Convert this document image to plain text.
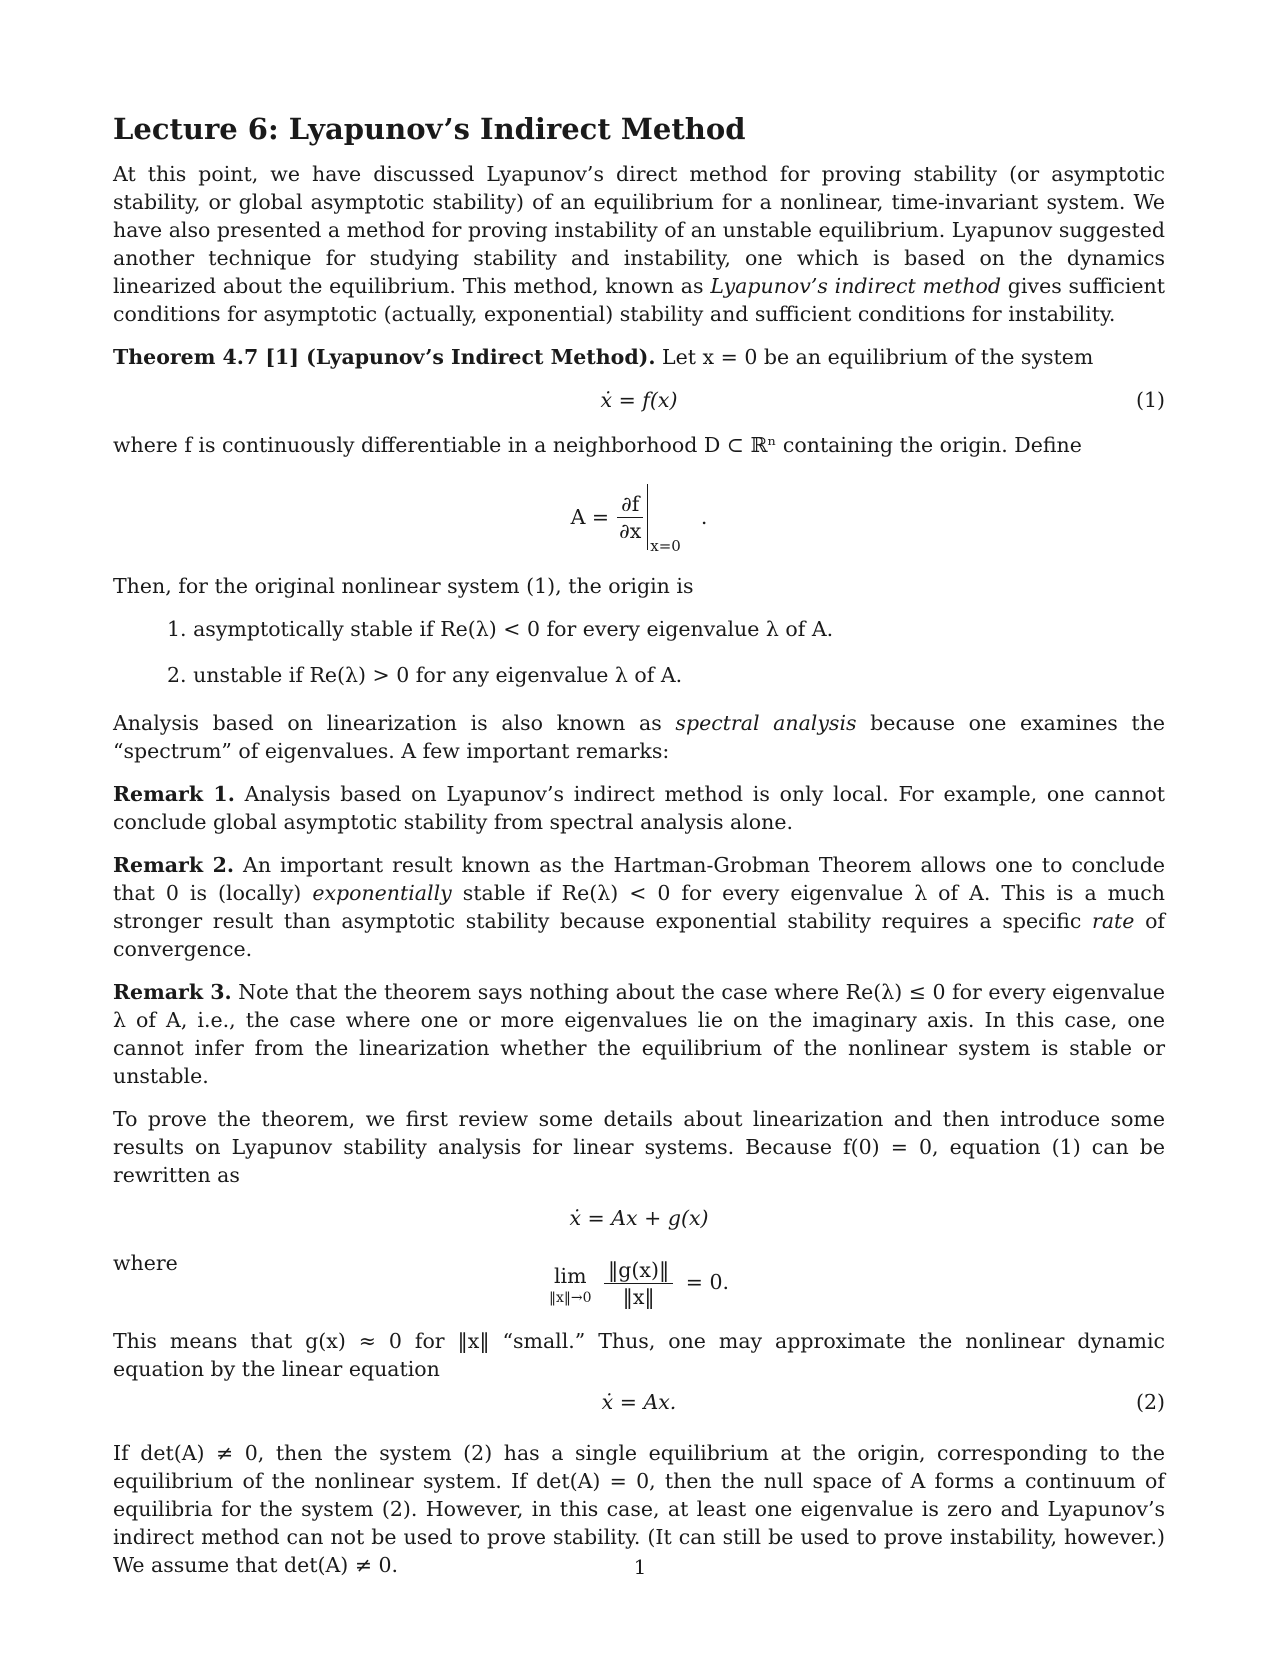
Lecture 6: Lyapunov’s Indirect Method

At this point, we have discussed Lyapunov’s direct method for proving stability (or asymptotic stability, or global asymptotic stability) of an equilibrium for a nonlinear, time-invariant system. We have also presented a method for proving instability of an unstable equilibrium. Lyapunov suggested another technique for studying stability and instability, one which is based on the dynamics linearized about the equilibrium. This method, known as Lyapunov’s indirect method gives sufficient conditions for asymptotic (actually, exponential) stability and sufficient conditions for instability.

Theorem 4.7 [1] (Lyapunov’s Indirect Method). Let x = 0 be an equilibrium of the system

ẋ = f(x)	(1)

where f is continuously differentiable in a neighborhood D ⊂ ℝⁿ containing the origin. Define

$A = \frac{\partial f}{\partial x}$
x=0
.

Then, for the original nonlinear system (1), the origin is

1. asymptotically stable if Re(λ) < 0 for every eigenvalue λ of A.
2. unstable if Re(λ) > 0 for any eigenvalue λ of A.

Analysis based on linearization is also known as spectral analysis because one examines the “spectrum” of eigenvalues. A few important remarks:

Remark 1. Analysis based on Lyapunov’s indirect method is only local. For example, one cannot conclude global asymptotic stability from spectral analysis alone.

Remark 2. An important result known as the Hartman-Grobman Theorem allows one to conclude that 0 is (locally) exponentially stable if Re(λ) < 0 for every eigenvalue λ of A. This is a much stronger result than asymptotic stability because exponential stability requires a specific rate of convergence.

Remark 3. Note that the theorem says nothing about the case where Re(λ) ≤ 0 for every eigenvalue λ of A, i.e., the case where one or more eigenvalues lie on the imaginary axis. In this case, one cannot infer from the linearization whether the equilibrium of the nonlinear system is stable or unstable.

To prove the theorem, we first review some details about linearization and then introduce some results on Lyapunov stability analysis for linear systems. Because f(0) = 0, equation (1) can be rewritten as

ẋ = Ax + g(x)
where
lim
‖x‖→0
$\frac{‖g(x)‖}{‖x‖} = 0$.

This means that g(x) ≈ 0 for ‖x‖ “small.” Thus, one may approximate the nonlinear dynamic equation by the linear equation

ẋ = Ax.	(2)

If det(A) ≠ 0, then the system (2) has a single equilibrium at the origin, corresponding to the equilibrium of the nonlinear system. If det(A) = 0, then the null space of A forms a continuum of equilibria for the system (2). However, in this case, at least one eigenvalue is zero and Lyapunov’s indirect method can not be used to prove stability. (It can still be used to prove instability, however.) We assume that det(A) ≠ 0.	1
